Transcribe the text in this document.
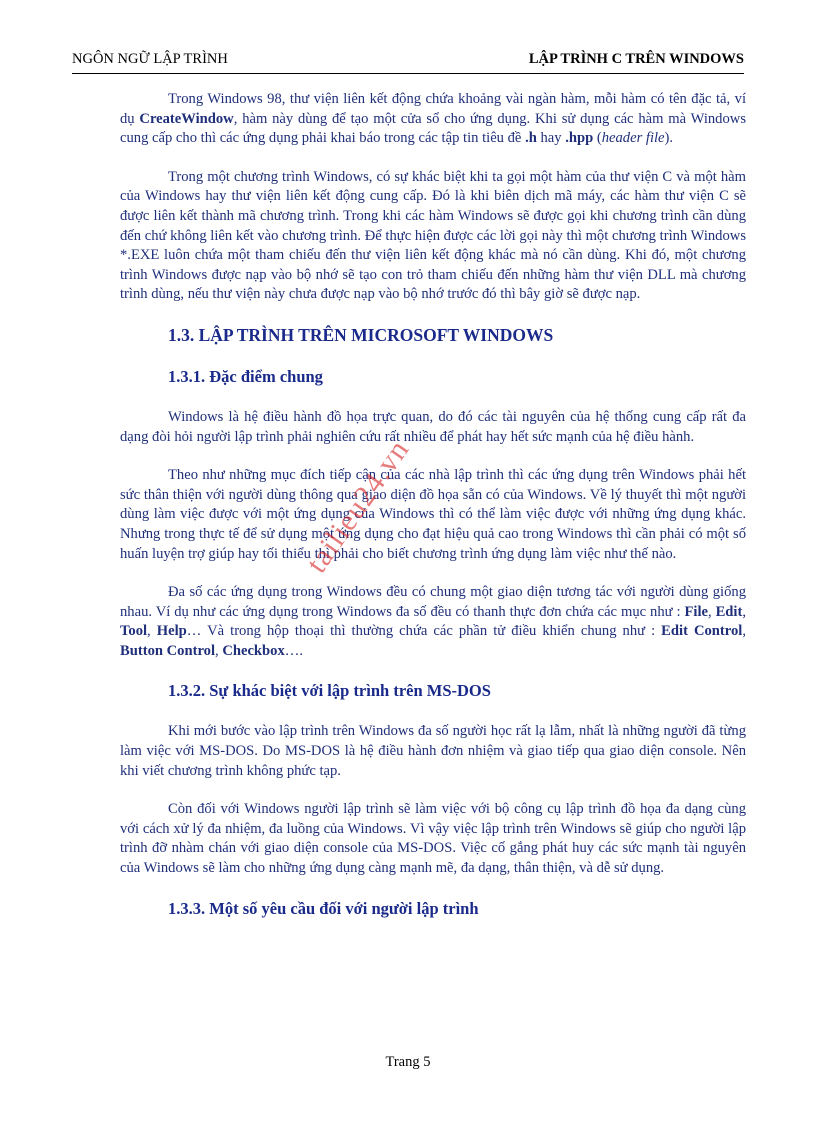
NGÔN NGỮ LẬP TRÌNH	LẬP TRÌNH C TRÊN WINDOWS

Trong Windows 98, thư viện liên kết động chứa khoảng vài ngàn hàm, mỗi hàm có tên đặc tả, ví dụ CreateWindow, hàm này dùng để tạo một cửa sổ cho ứng dụng. Khi sử dụng các hàm mà Windows cung cấp cho thì các ứng dụng phải khai báo trong các tập tin tiêu đề .h hay .hpp (header file).

Trong một chương trình Windows, có sự khác biệt khi ta gọi một hàm của thư viện C và một hàm của Windows hay thư viện liên kết động cung cấp. Đó là khi biên dịch mã máy, các hàm thư viện C sẽ được liên kết thành mã chương trình. Trong khi các hàm Windows sẽ được gọi khi chương trình cần dùng đến chứ không liên kết vào chương trình. Để thực hiện được các lời gọi này thì một chương trình Windows *.EXE luôn chứa một tham chiếu đến thư viện liên kết động khác mà nó cần dùng. Khi đó, một chương trình Windows được nạp vào bộ nhớ sẽ tạo con trỏ tham chiếu đến những hàm thư viện DLL mà chương trình dùng, nếu thư viện này chưa được nạp vào bộ nhớ trước đó thì bây giờ sẽ được nạp.

1.3. LẬP TRÌNH TRÊN MICROSOFT WINDOWS
1.3.1. Đặc điểm chung

Windows là hệ điều hành đồ họa trực quan, do đó các tài nguyên của hệ thống cung cấp rất đa dạng đòi hỏi người lập trình phải nghiên cứu rất nhiều để phát hay hết sức mạnh của hệ điều hành.

Theo như những mục đích tiếp cận của các nhà lập trình thì các ứng dụng trên Windows phải hết sức thân thiện với người dùng thông qua giao diện đồ họa sẵn có của Windows. Về lý thuyết thì một người dùng làm việc được với một ứng dụng của Windows thì có thể làm việc được với những ứng dụng khác. Nhưng trong thực tế để sử dụng một ứng dụng cho đạt hiệu quả cao trong Windows thì cần phải có một số huấn luyện trợ giúp hay tối thiểu thì phải cho biết chương trình ứng dụng làm việc như thế nào.

Đa số các ứng dụng trong Windows đều có chung một giao diện tương tác với người dùng giống nhau. Ví dụ như các ứng dụng trong Windows đa số đều có thanh thực đơn chứa các mục như : File, Edit, Tool, Help… Và trong hộp thoại thì thường chứa các phần tử điều khiển chung như : Edit Control, Button Control, Checkbox….

1.3.2. Sự khác biệt với lập trình trên MS-DOS

Khi mới bước vào lập trình trên Windows đa số người học rất lạ lẫm, nhất là những người đã từng làm việc với MS-DOS. Do MS-DOS là hệ điều hành đơn nhiệm và giao tiếp qua giao diện console. Nên khi viết chương trình không phức tạp.

Còn đối với Windows người lập trình sẽ làm việc với bộ công cụ lập trình đồ họa đa dạng cùng với cách xử lý đa nhiệm, đa luồng của Windows. Vì vậy việc lập trình trên Windows sẽ giúp cho người lập trình đỡ nhàm chán với giao diện console của MS-DOS. Việc cố gắng phát huy các sức mạnh tài nguyên của Windows sẽ làm cho những ứng dụng càng mạnh mẽ, đa dạng, thân thiện, và dễ sử dụng.

1.3.3. Một số yêu cầu đối với người lập trình
Trang 5
tailieu24.vn
